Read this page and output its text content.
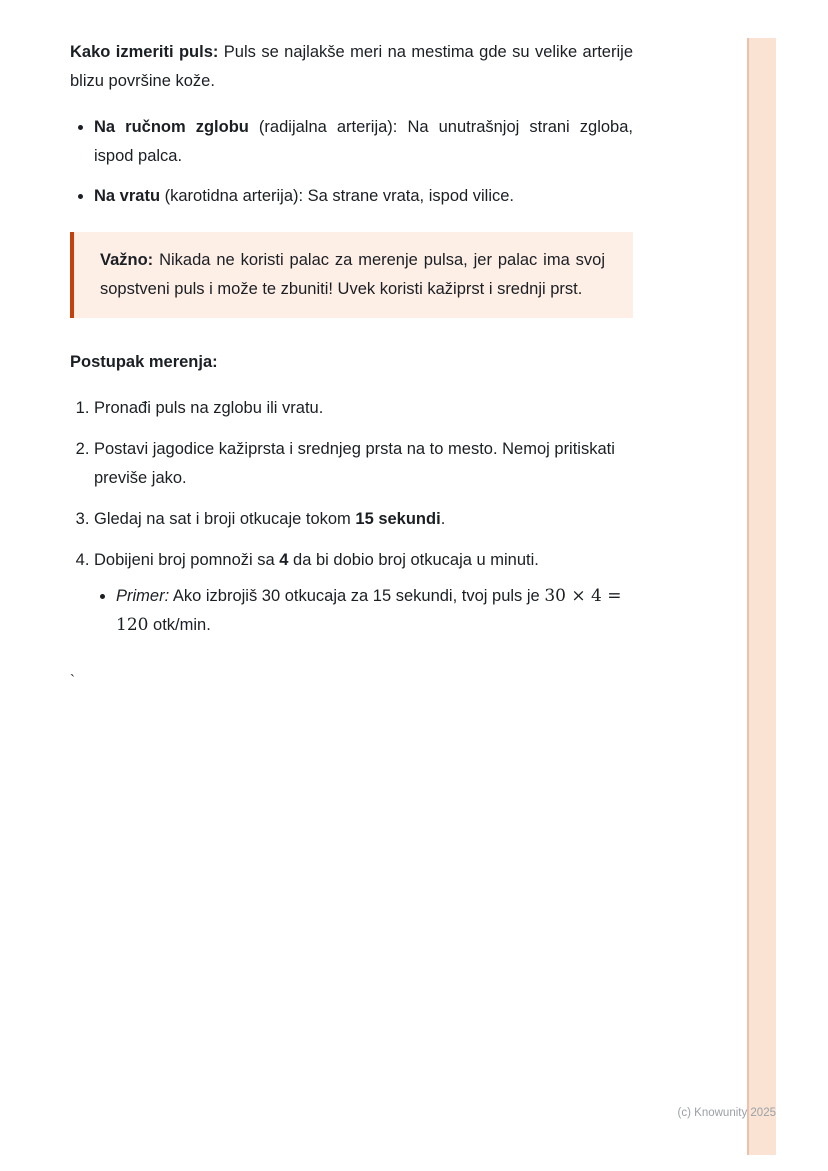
Kako izmeriti puls: Puls se najlakše meri na mestima gde su velike arterije blizu površine kože.

• Na ručnom zglobu (radijalna arterija): Na unutrašnjoj strani zgloba, ispod palca.
• Na vratu (karotidna arterija): Sa strane vrata, ispod vilice.

Važno: Nikada ne koristi palac za merenje pulsa, jer palac ima svoj sopstveni puls i može te zbuniti! Uvek koristi kažiprst i srednji prst.

Postupak merenja:

1. Pronađi puls na zglobu ili vratu.
2. Postavi jagodice kažiprsta i srednjeg prsta na to mesto. Nemoj pritiskati previše jako.
3. Gledaj na sat i broji otkucaje tokom 15 sekundi.
4. Dobijeni broj pomnoži sa 4 da bi dobio broj otkucaja u minuti.
• Primer: Ako izbrojiš 30 otkucaja za 15 sekundi, tvoj puls je 30 × 4 = 120 otk/min.
`
(c) Knowunity 2025
